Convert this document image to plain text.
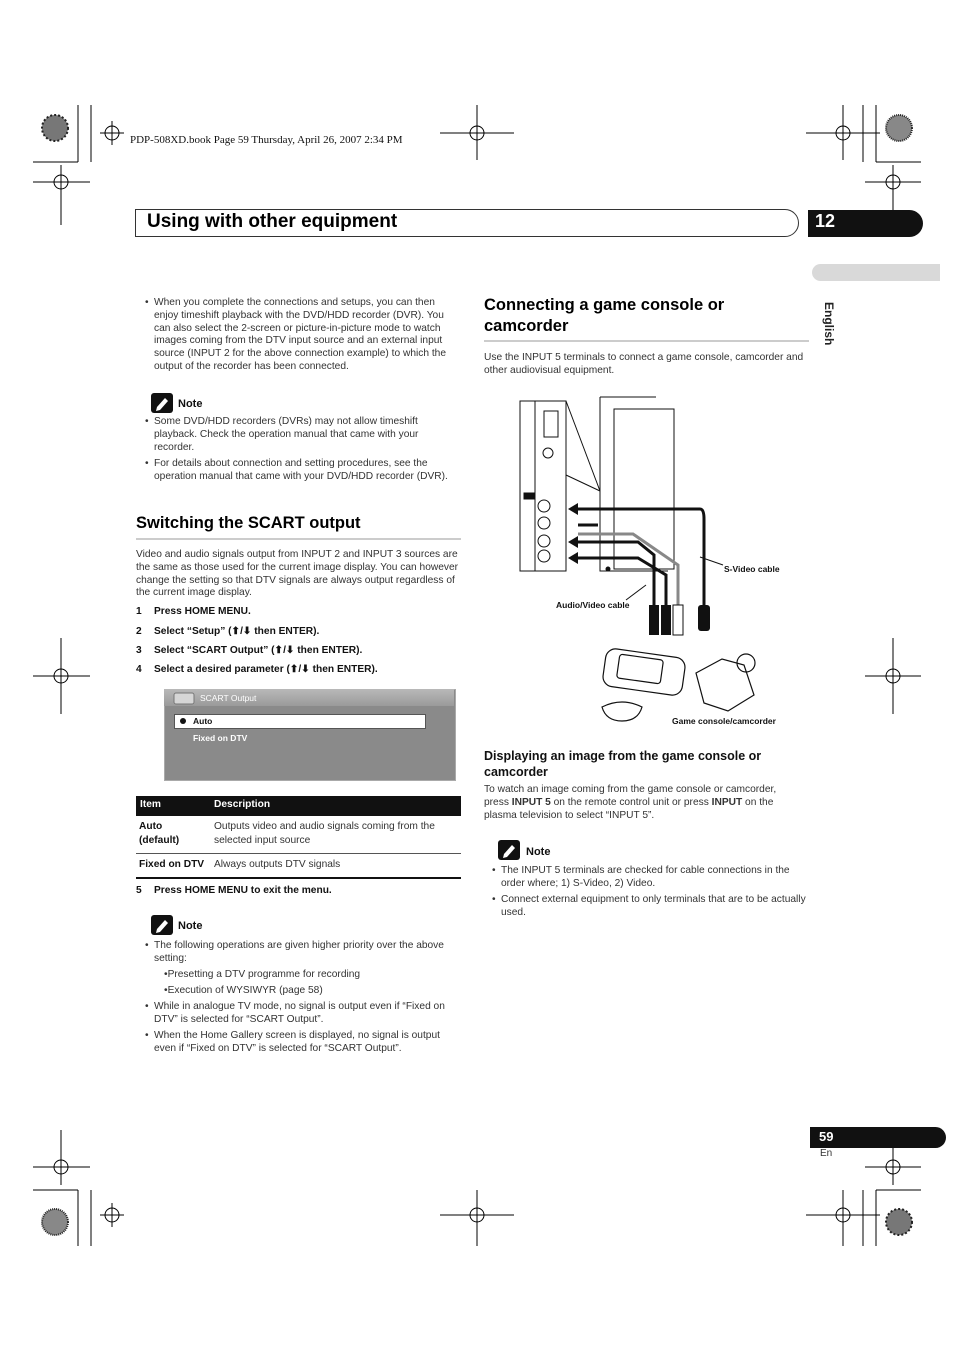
PDP-508XD.book Page 59 Thursday, April 26, 2007 2:34 PM
Using with other equipment	12
English
• When you complete the connections and setups, you can then enjoy timeshift playback with the DVD/HDD recorder (DVR). You can also select the 2-screen or picture-in-picture mode to watch images coming from the DTV input source and an external input source (INPUT 2 for the above connection example) to which the output of the recorder has been connected.
Note
• Some DVD/HDD recorders (DVRs) may not allow timeshift playback. Check the operation manual that came with your recorder.
• For details about connection and setting procedures, see the operation manual that came with your DVD/HDD recorder (DVR).
Switching the SCART output
Video and audio signals output from INPUT 2 and INPUT 3 sources are the same as those used for the current image display. You can however change the setting so that DTV signals are always output regardless of the current image display.
1 Press HOME MENU.
2 Select “Setup” (⬆/⬇ then ENTER).
3 Select “SCART Output” (⬆/⬇ then ENTER).
4 Select a desired parameter (⬆/⬇ then ENTER).
SCART Output
Auto
Fixed on DTV
Item	Description
Auto (default)
Outputs video and audio signals coming from the selected input source
Fixed on DTV Always outputs DTV signals
5 Press HOME MENU to exit the menu.
Note
• The following operations are given higher priority over the above setting:
•Presetting a DTV programme for recording
•Execution of WYSIWYR (page 58)
• While in analogue TV mode, no signal is output even if “Fixed on DTV” is selected for “SCART Output”.
• When the Home Gallery screen is displayed, no signal is output even if “Fixed on DTV” is selected for “SCART Output”.
Connecting a game console or
camcorder
Use the INPUT 5 terminals to connect a game console, camcorder and other audiovisual equipment.
S-Video cable
Audio/Video cable
Game console/camcorder
Displaying an image from the game console or camcorder
To watch an image coming from the game console or camcorder,
press INPUT 5 on the remote control unit or press INPUT on the
plasma television to select “INPUT 5”.
Note
• The INPUT 5 terminals are checked for cable connections in the order where; 1) S-Video, 2) Video.
• Connect external equipment to only terminals that are to be actually used.
59
En
